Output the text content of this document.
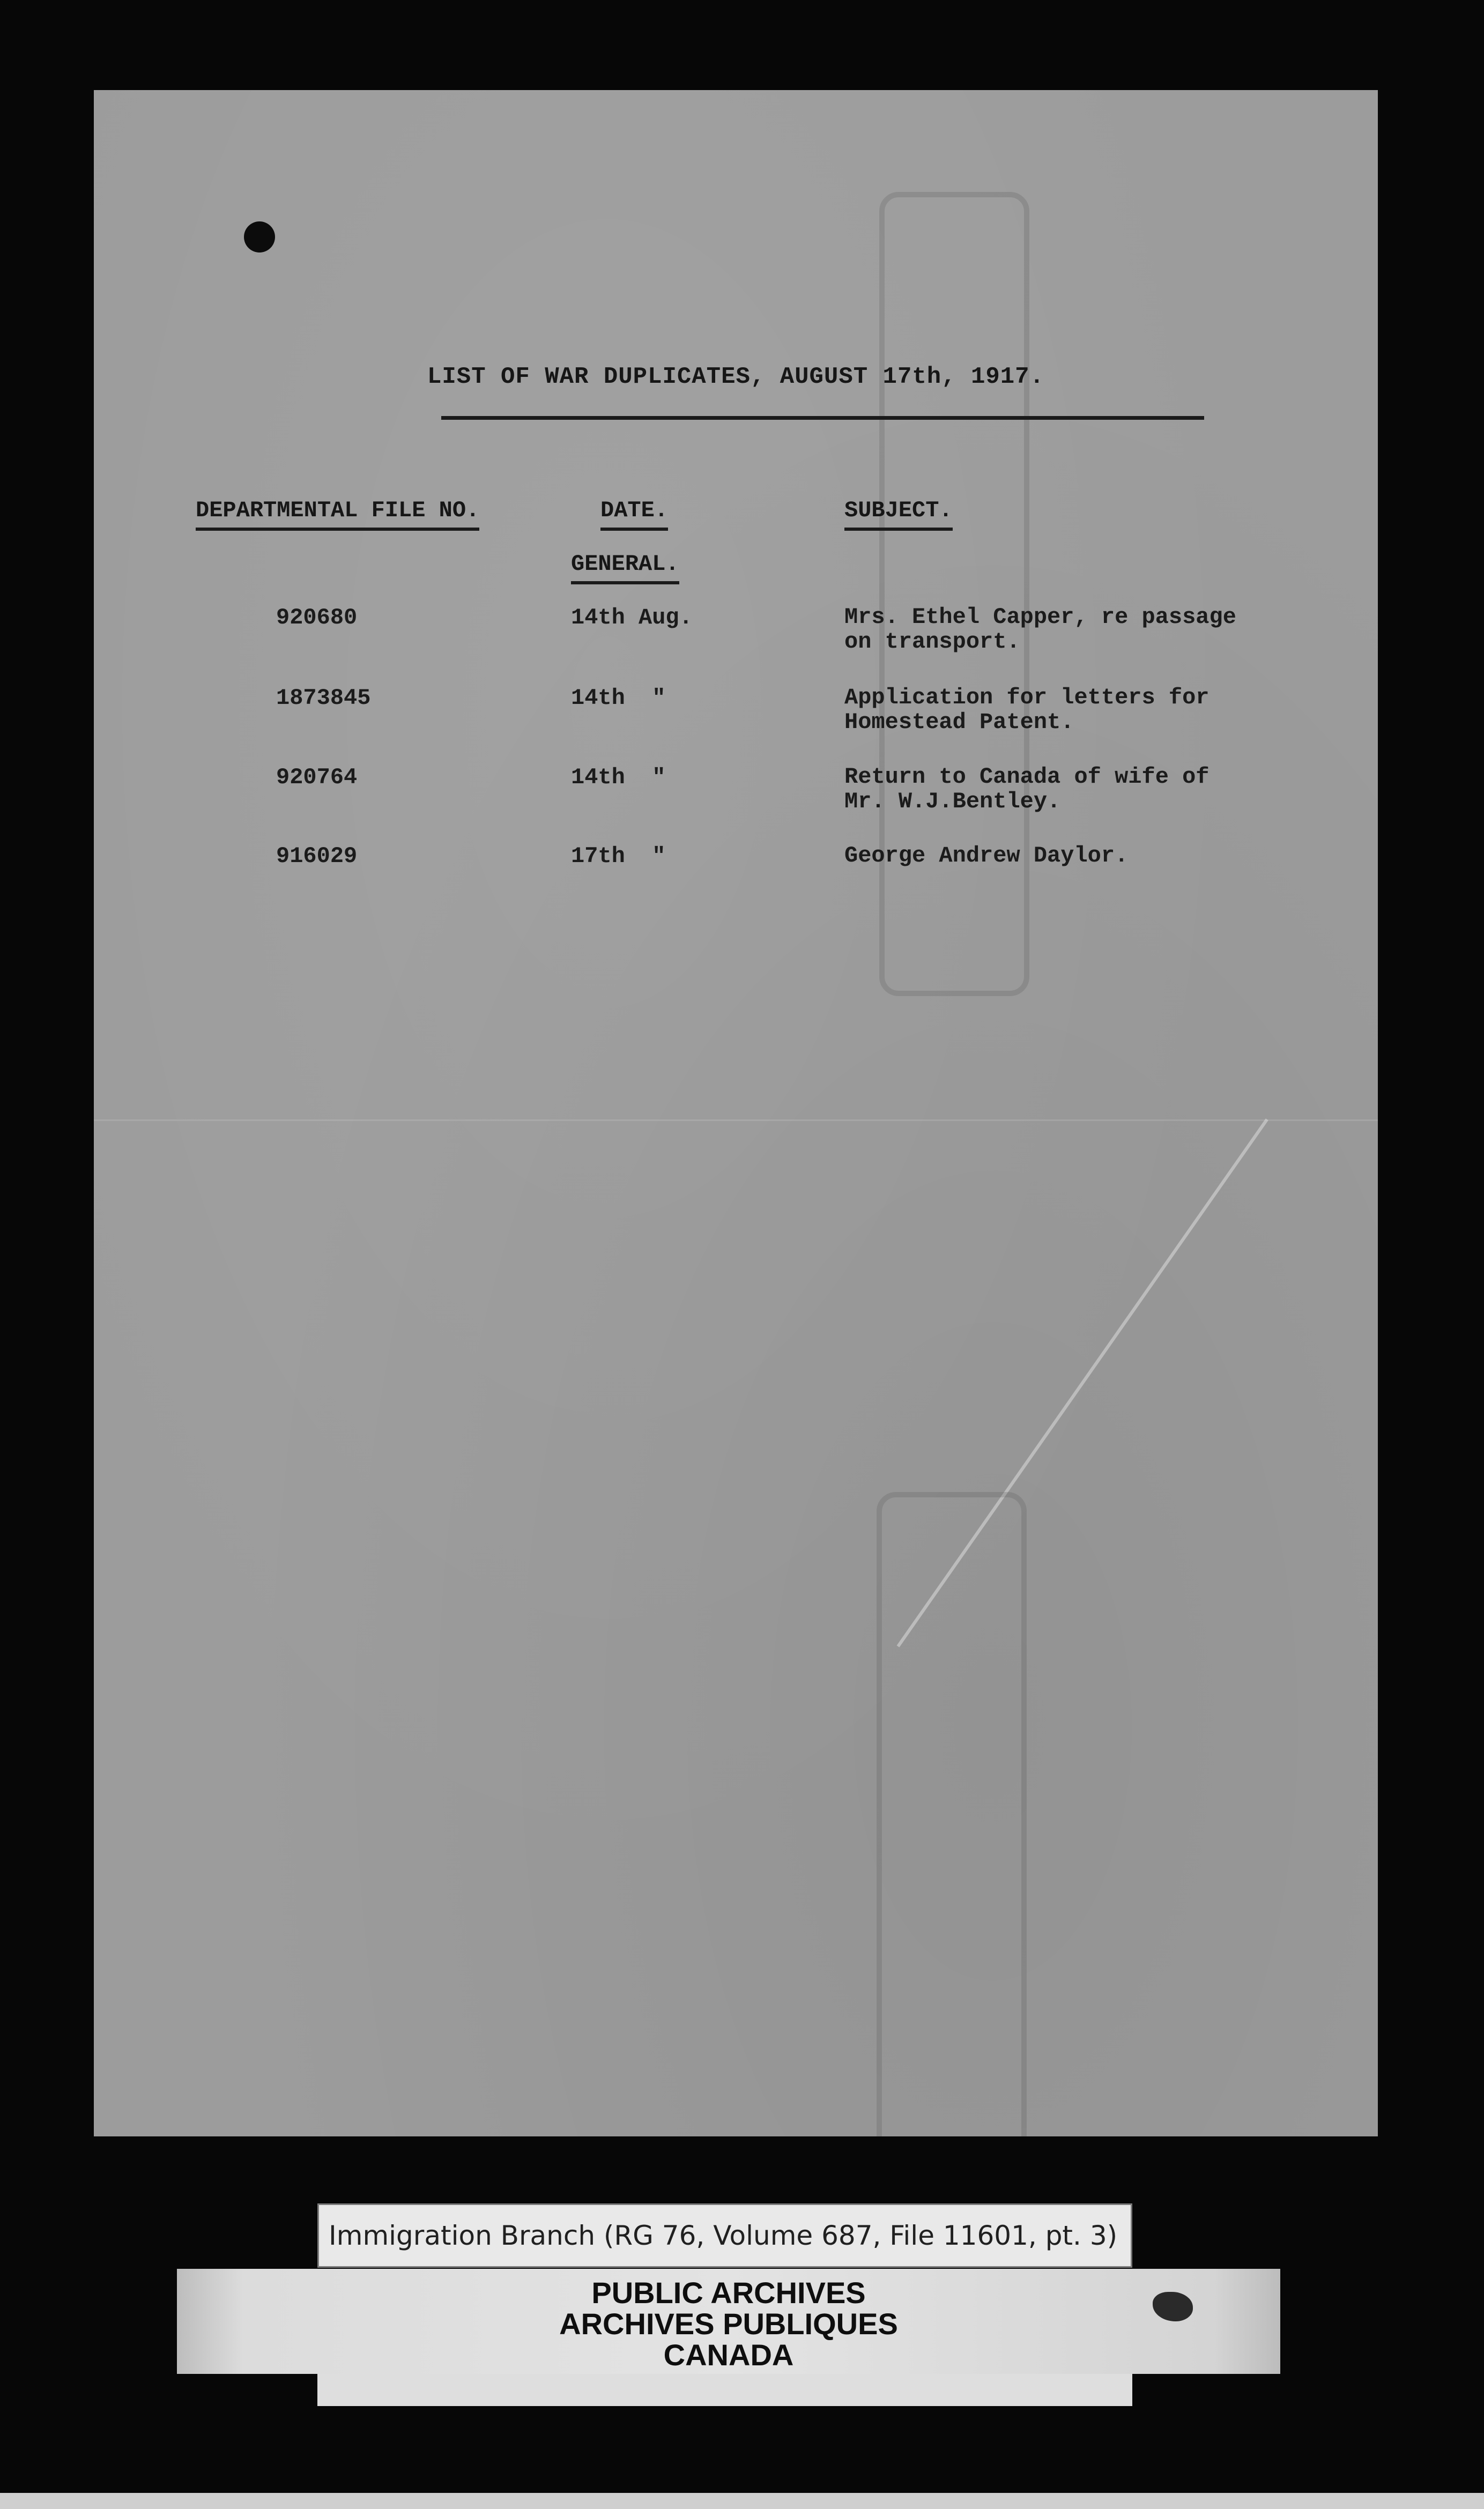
LIST OF WAR DUPLICATES, AUGUST 17th, 1917.
DEPARTMENTAL FILE NO.	DATE.	SUBJECT.
GENERAL.
920680	14th Aug.	Mrs. Ethel Capper, re passage
on transport.
1873845	14th  "	Application for letters for
Homestead Patent.
920764	14th  "	Return to Canada of wife of
Mr. W.J.Bentley.
916029	17th  "	George Andrew Daylor.
Immigration Branch (RG 76, Volume 687, File 11601, pt. 3)
PUBLIC ARCHIVES
ARCHIVES PUBLIQUES
CANADA
